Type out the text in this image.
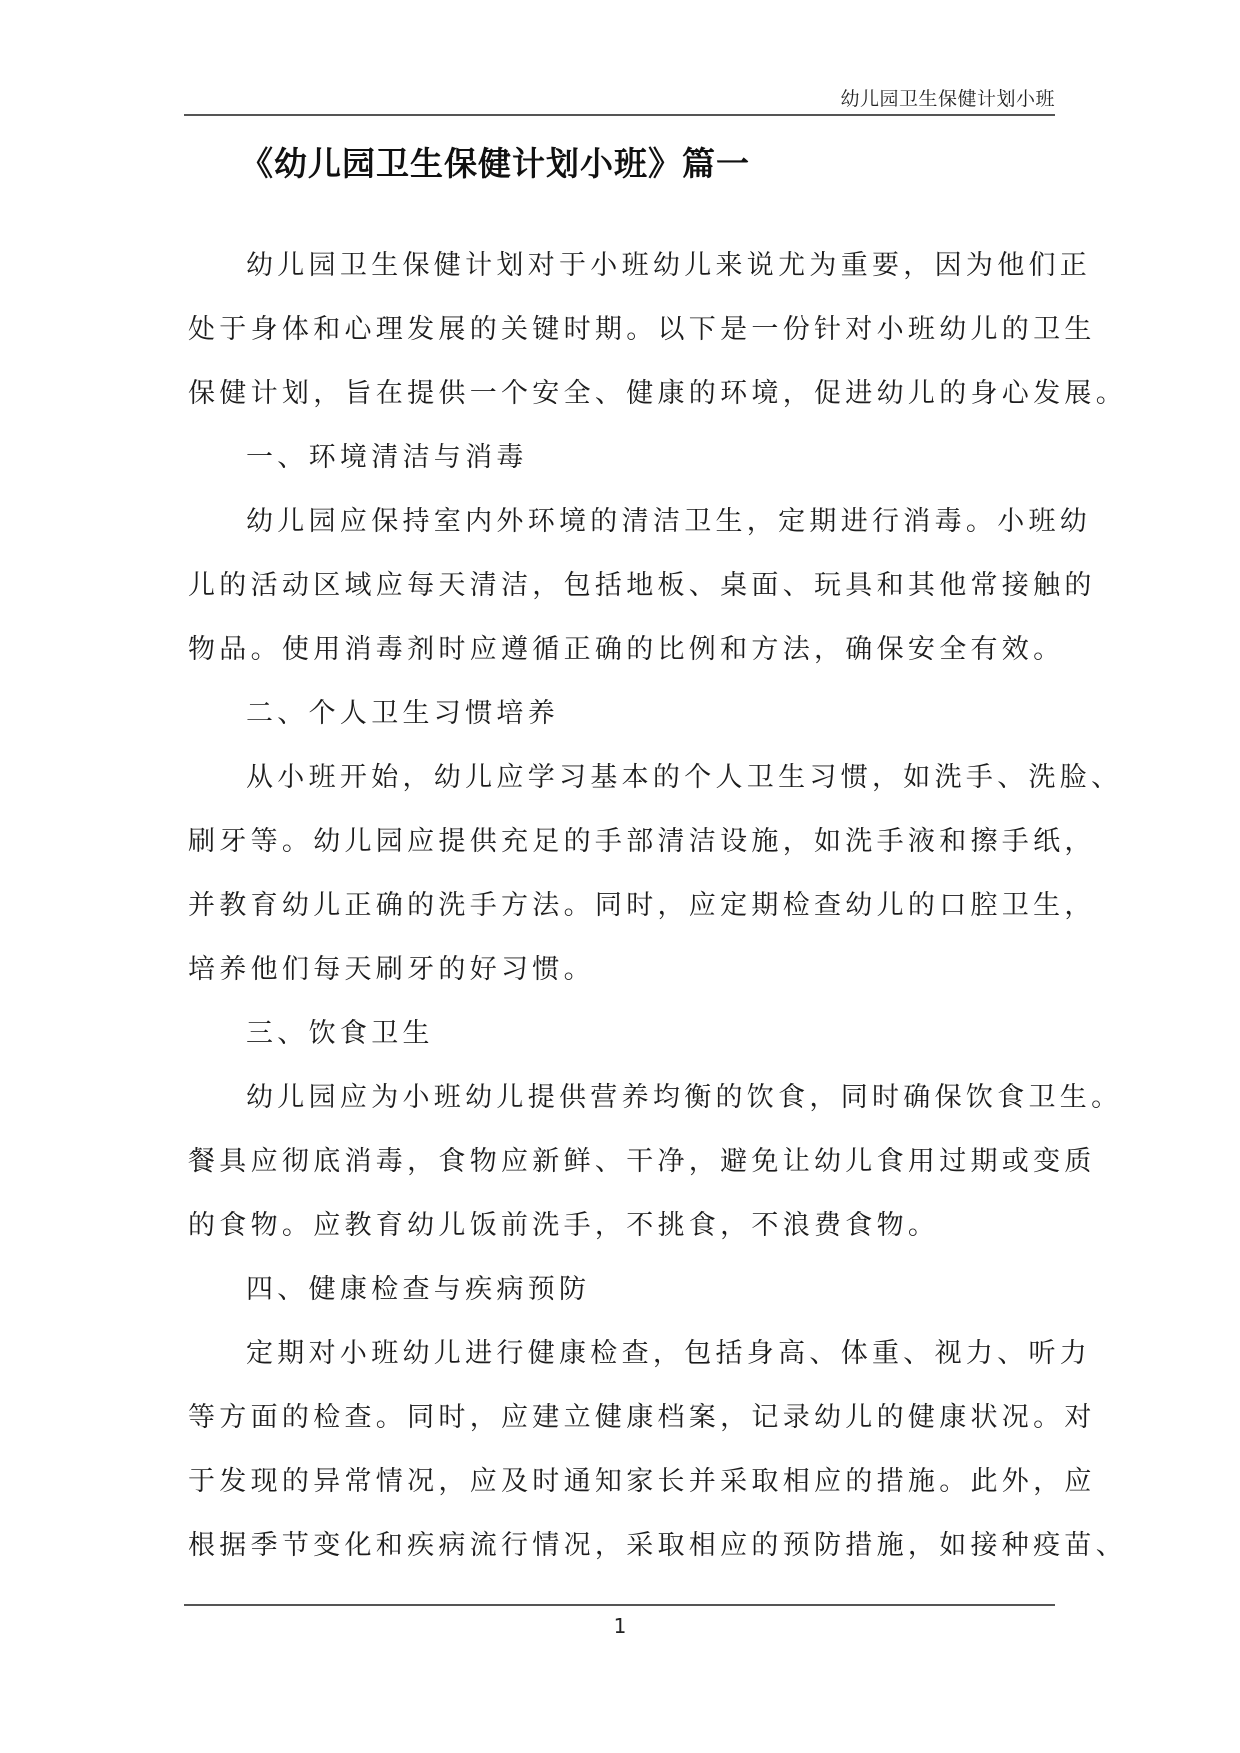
幼儿园卫生保健计划小班
《幼儿园卫生保健计划小班》篇一
幼儿园卫生保健计划对于小班幼儿来说尤为重要，因为他们正
处于身体和心理发展的关键时期。以下是一份针对小班幼儿的卫生
保健计划，旨在提供一个安全、健康的环境，促进幼儿的身心发展。
一、环境清洁与消毒
幼儿园应保持室内外环境的清洁卫生，定期进行消毒。小班幼
儿的活动区域应每天清洁，包括地板、桌面、玩具和其他常接触的
物品。使用消毒剂时应遵循正确的比例和方法，确保安全有效。
二、个人卫生习惯培养
从小班开始，幼儿应学习基本的个人卫生习惯，如洗手、洗脸、
刷牙等。幼儿园应提供充足的手部清洁设施，如洗手液和擦手纸，
并教育幼儿正确的洗手方法。同时，应定期检查幼儿的口腔卫生，
培养他们每天刷牙的好习惯。
三、饮食卫生
幼儿园应为小班幼儿提供营养均衡的饮食，同时确保饮食卫生。
餐具应彻底消毒，食物应新鲜、干净，避免让幼儿食用过期或变质
的食物。应教育幼儿饭前洗手，不挑食，不浪费食物。
四、健康检查与疾病预防
定期对小班幼儿进行健康检查，包括身高、体重、视力、听力
等方面的检查。同时，应建立健康档案，记录幼儿的健康状况。对
于发现的异常情况，应及时通知家长并采取相应的措施。此外，应
根据季节变化和疾病流行情况，采取相应的预防措施，如接种疫苗、
1
